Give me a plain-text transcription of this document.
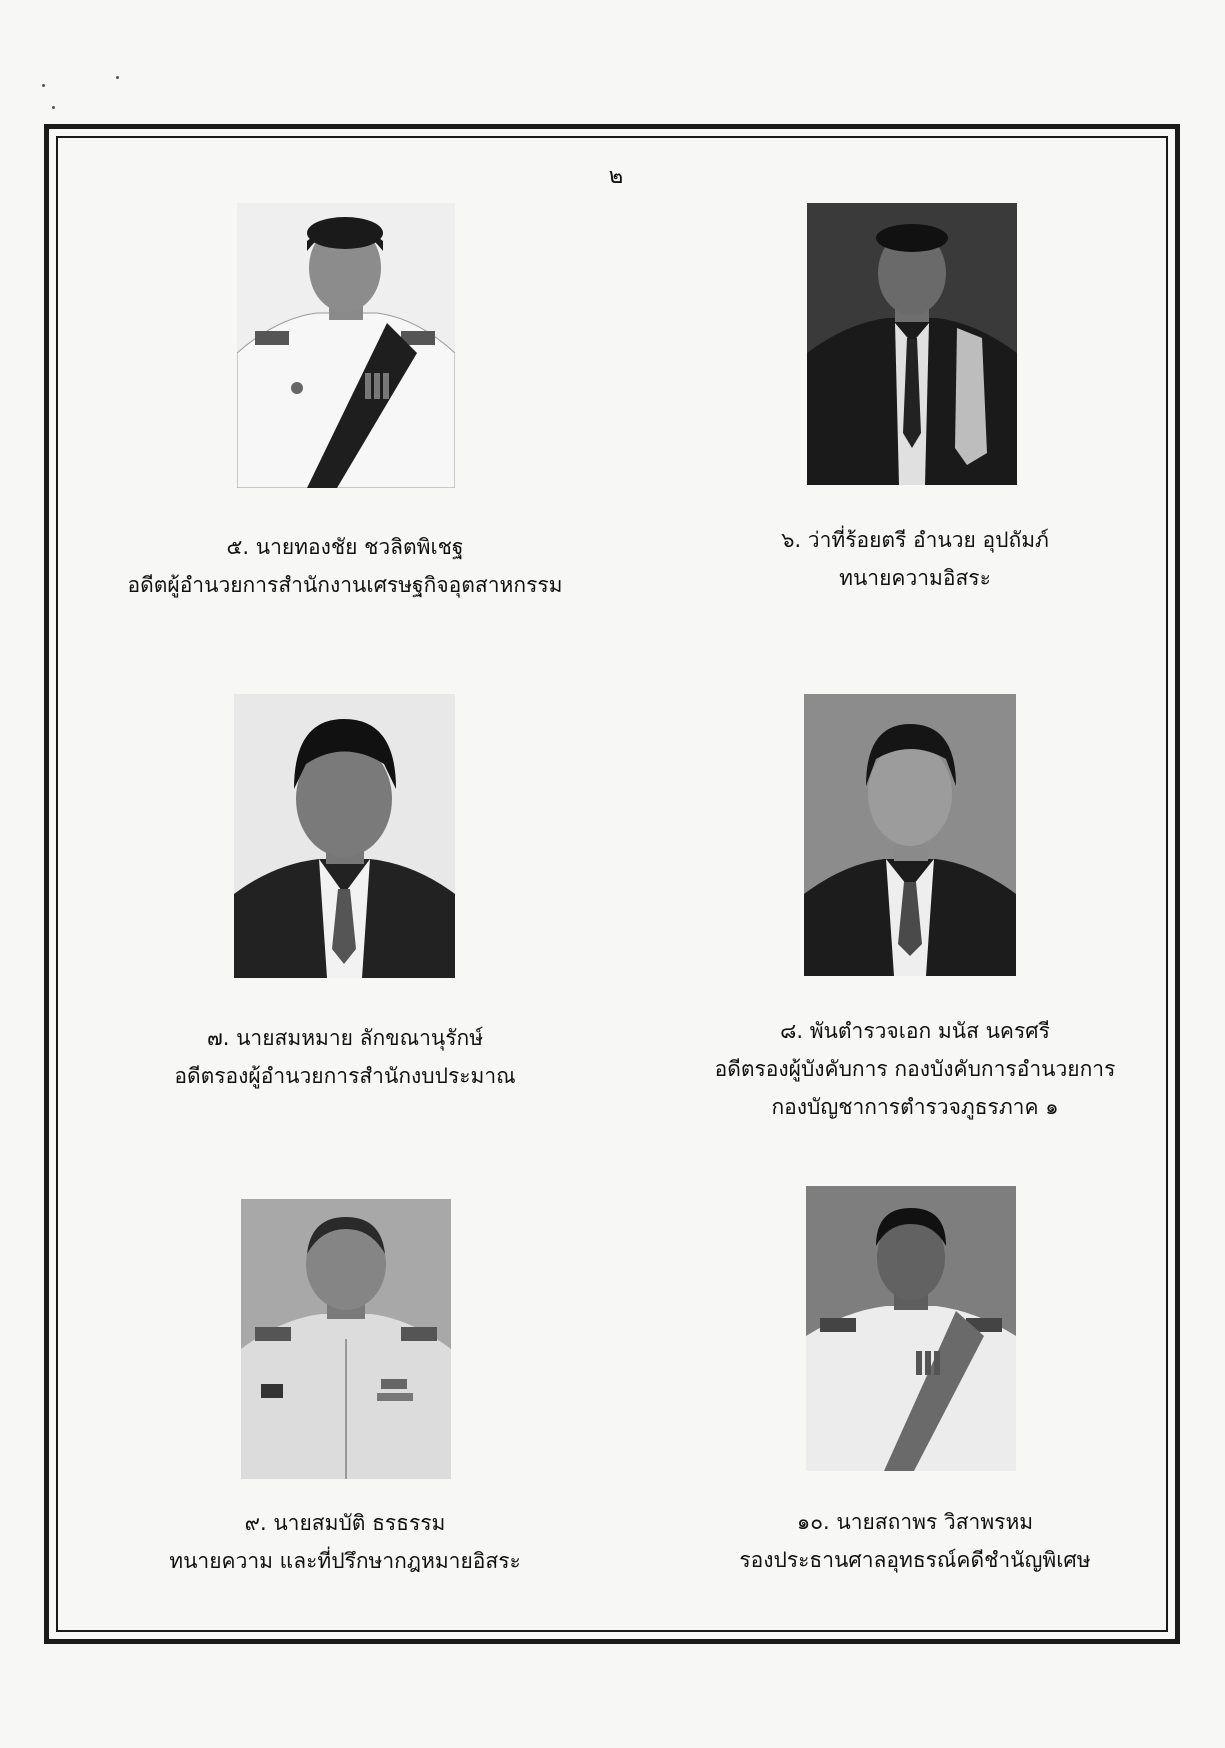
๒
๕. นายทองชัย ชวลิตพิเชฐ
อดีตผู้อำนวยการสำนักงานเศรษฐกิจอุตสาหกรรม
๖. ว่าที่ร้อยตรี อำนวย อุปถัมภ์
ทนายความอิสระ
๗. นายสมหมาย ลักขณานุรักษ์
อดีตรองผู้อำนวยการสำนักงบประมาณ
๘. พันตำรวจเอก มนัส นครศรี
อดีตรองผู้บังคับการ กองบังคับการอำนวยการ
กองบัญชาการตำรวจภูธรภาค ๑
๙. นายสมบัติ ธรธรรม
ทนายความ และที่ปรึกษากฎหมายอิสระ
๑๐. นายสถาพร วิสาพรหม
รองประธานศาลอุทธรณ์คดีชำนัญพิเศษ
